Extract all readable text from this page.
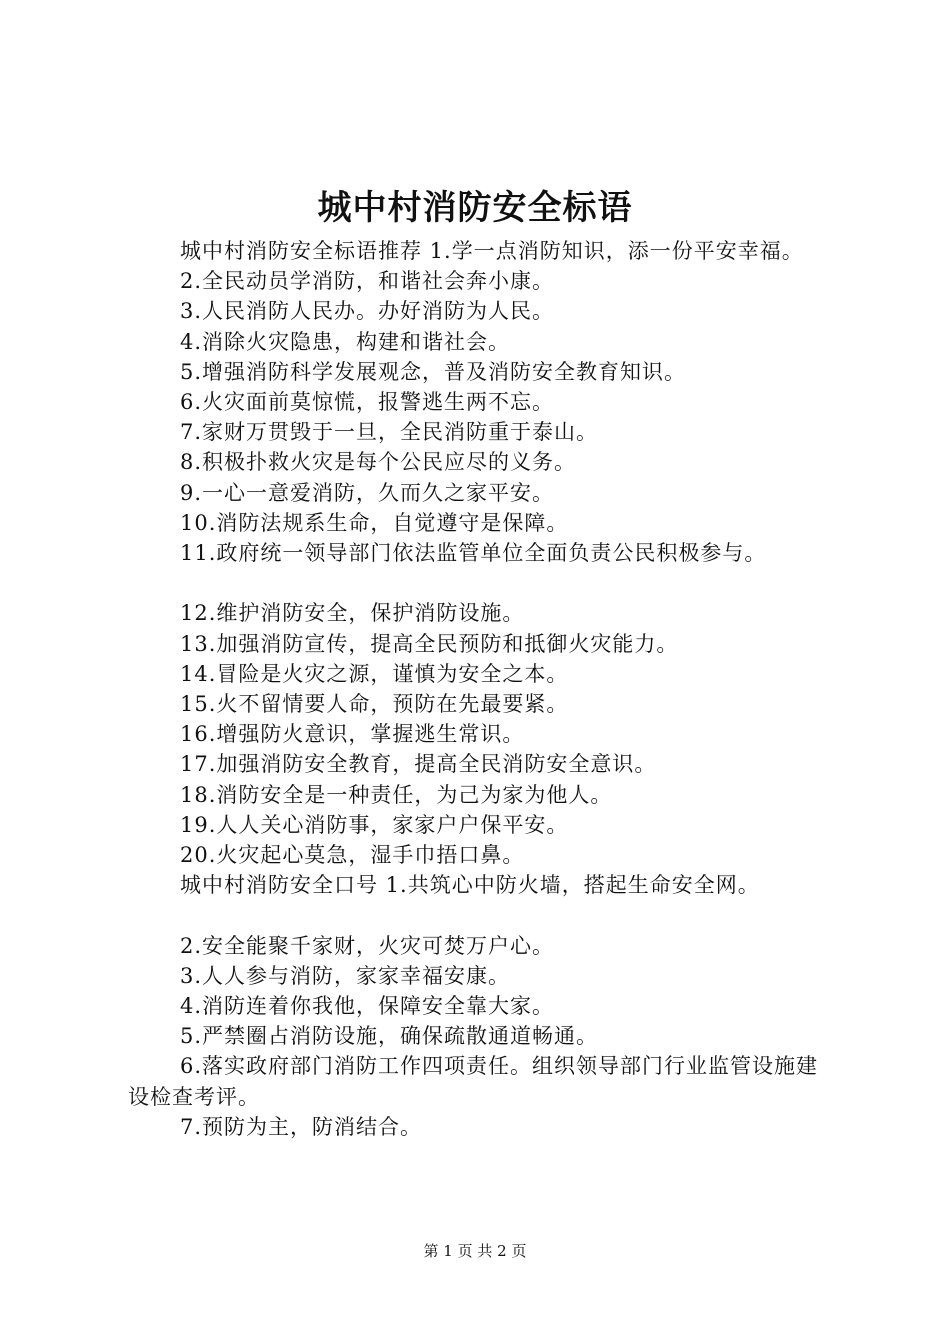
城中村消防安全标语

城中村消防安全标语推荐 1.学一点消防知识，添一份平安幸福。

2.全民动员学消防，和谐社会奔小康。

3.人民消防人民办。办好消防为人民。

4.消除火灾隐患，构建和谐社会。

5.增强消防科学发展观念，普及消防安全教育知识。

6.火灾面前莫惊慌，报警逃生两不忘。

7.家财万贯毁于一旦，全民消防重于泰山。

8.积极扑救火灾是每个公民应尽的义务。

9.一心一意爱消防，久而久之家平安。

10.消防法规系生命，自觉遵守是保障。

11.政府统一领导部门依法监管单位全面负责公民积极参与。

12.维护消防安全，保护消防设施。

13.加强消防宣传，提高全民预防和抵御火灾能力。

14.冒险是火灾之源，谨慎为安全之本。

15.火不留情要人命，预防在先最要紧。

16.增强防火意识，掌握逃生常识。

17.加强消防安全教育，提高全民消防安全意识。

18.消防安全是一种责任，为己为家为他人。

19.人人关心消防事，家家户户保平安。

20.火灾起心莫急，湿手巾捂口鼻。

城中村消防安全口号 1.共筑心中防火墙，搭起生命安全网。

2.安全能聚千家财，火灾可焚万户心。

3.人人参与消防，家家幸福安康。

4.消防连着你我他，保障安全靠大家。

5.严禁圈占消防设施，确保疏散通道畅通。

6.落实政府部门消防工作四项责任。组织领导部门行业监管设施建设检查考评。

7.预防为主，防消结合。

第 1 页 共 2 页
